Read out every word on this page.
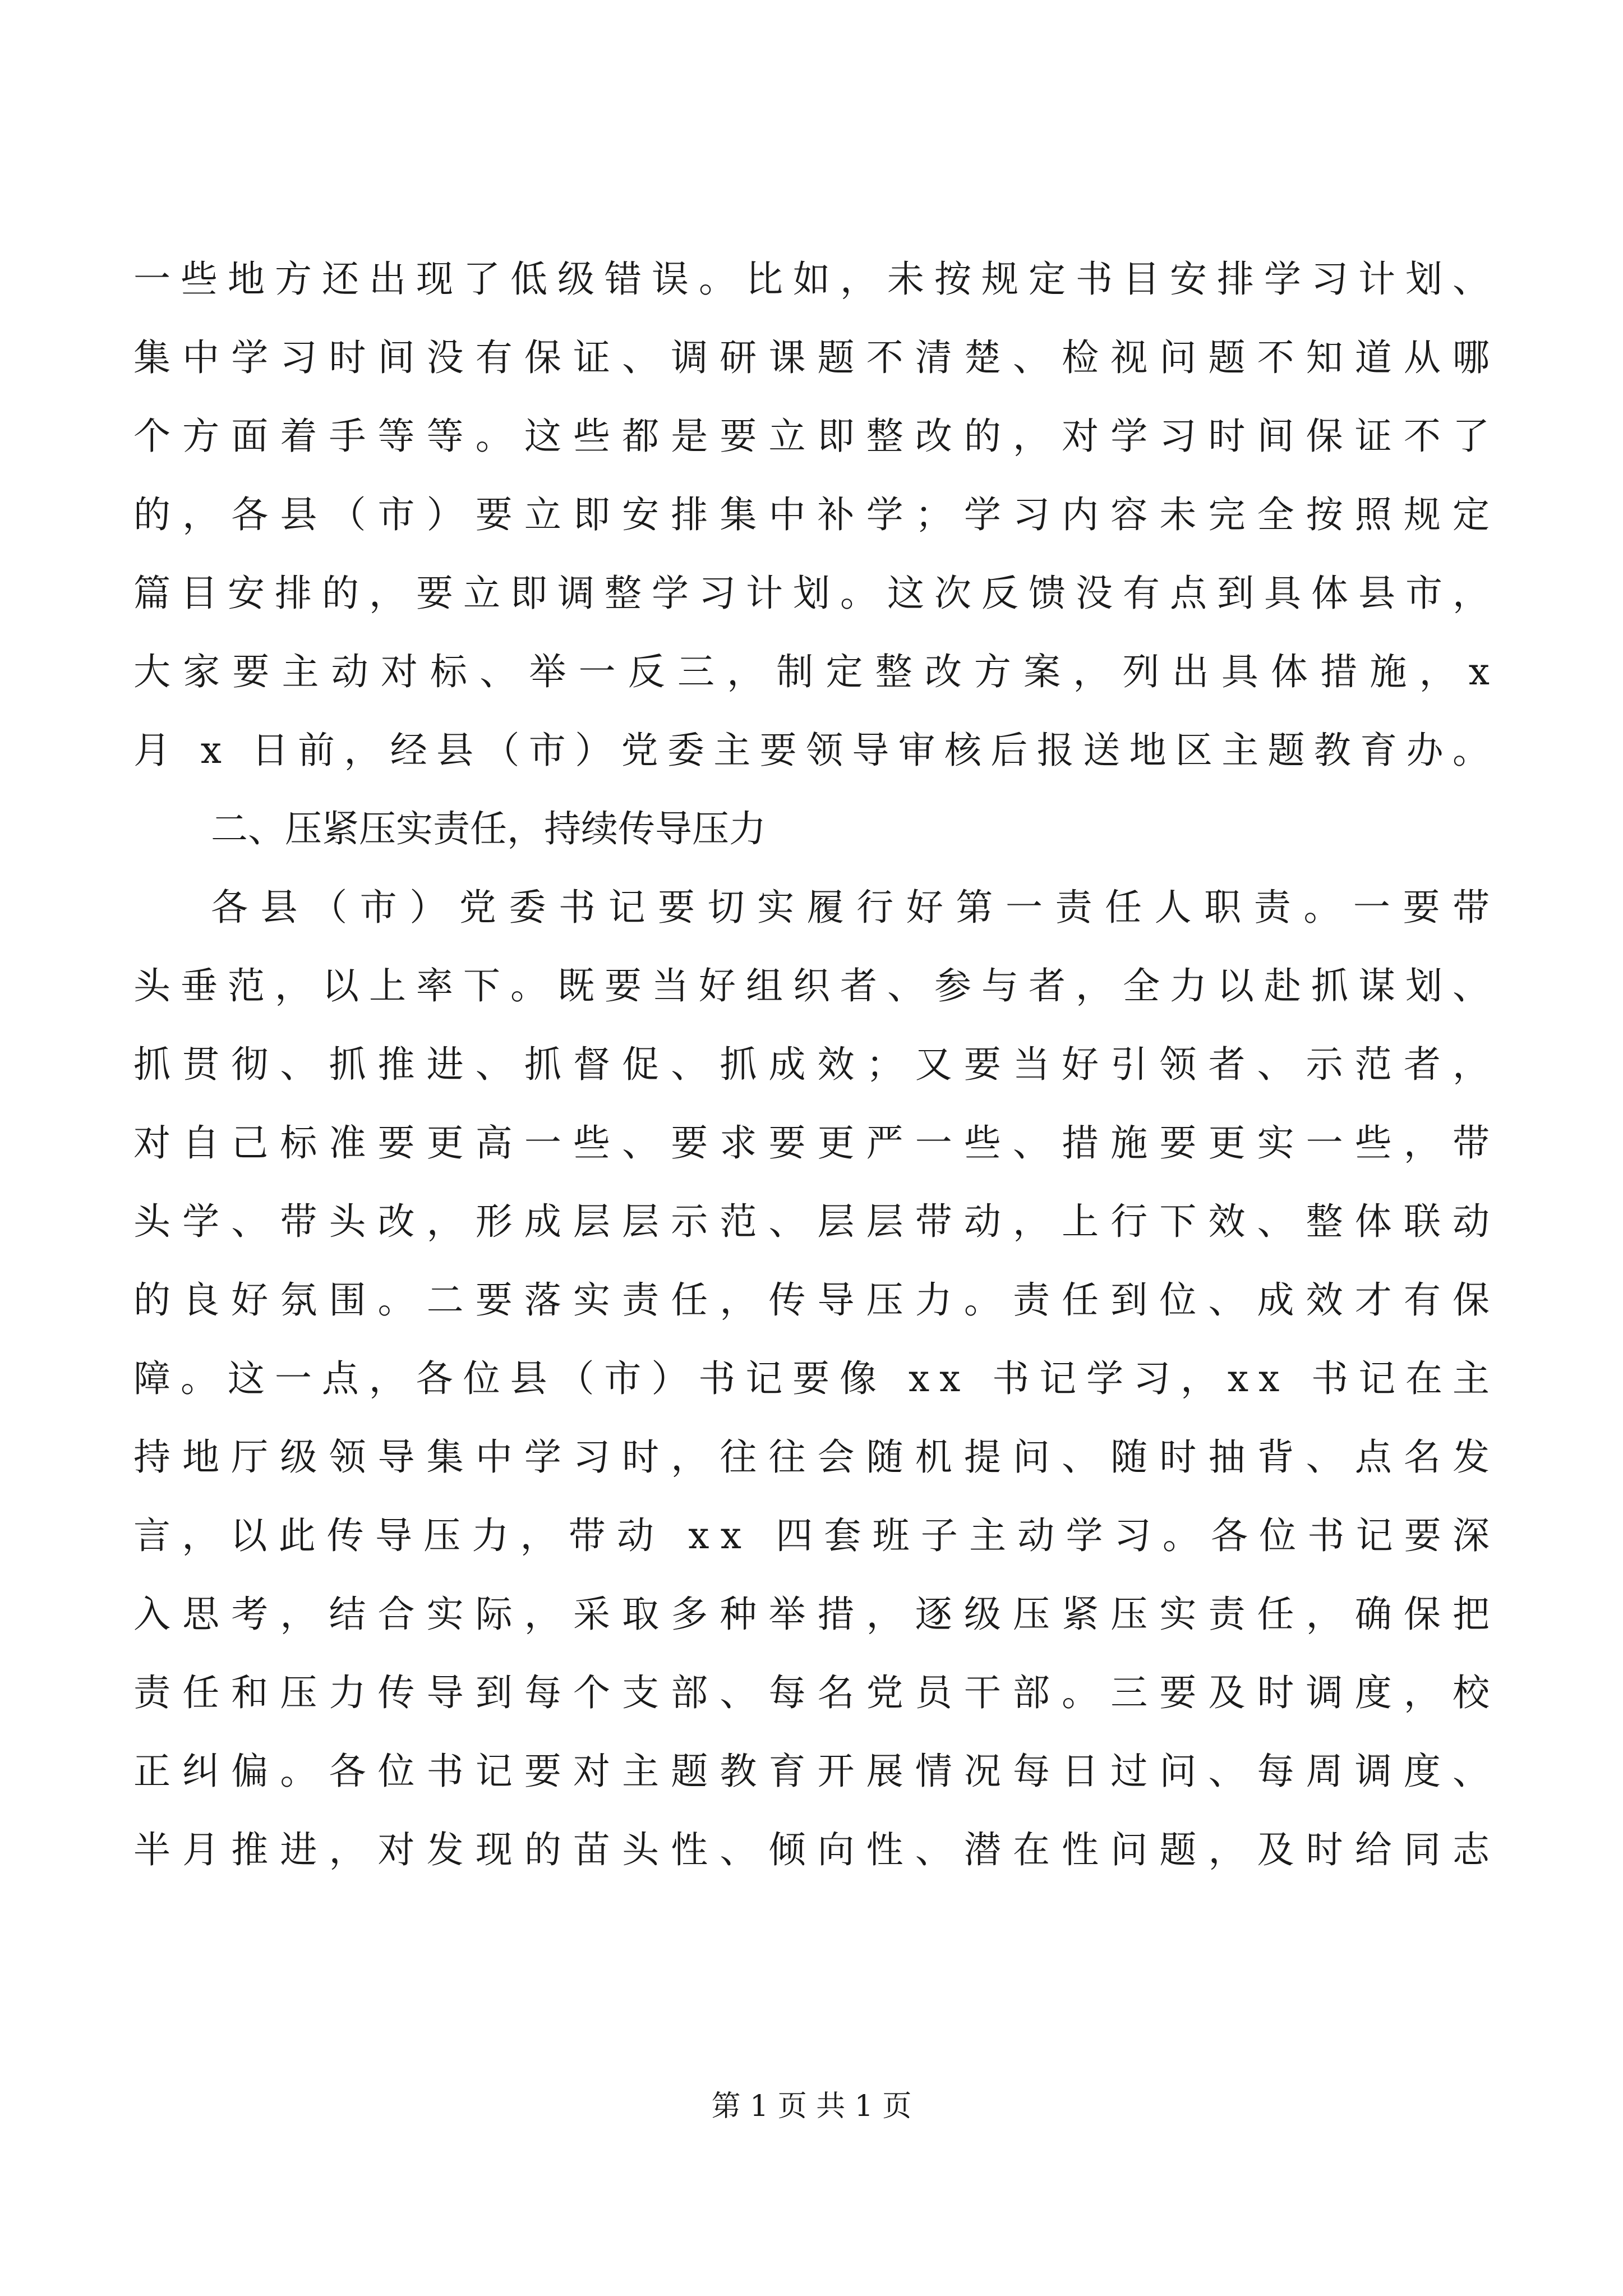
一些地方还出现了低级错误。比如，未按规定书目安排学习计划、
集中学习时间没有保证、调研课题不清楚、检视问题不知道从哪
个方面着手等等。这些都是要立即整改的，对学习时间保证不了
的，各县（市）要立即安排集中补学；学习内容未完全按照规定
篇目安排的，要立即调整学习计划。这次反馈没有点到具体县市，
大家要主动对标、举一反三，制定整改方案，列出具体措施，x
月 x 日前，经县（市）党委主要领导审核后报送地区主题教育办。
二、压紧压实责任，持续传导压力
各县（市）党委书记要切实履行好第一责任人职责。一要带
头垂范，以上率下。既要当好组织者、参与者，全力以赴抓谋划、
抓贯彻、抓推进、抓督促、抓成效；又要当好引领者、示范者，
对自己标准要更高一些、要求要更严一些、措施要更实一些，带
头学、带头改，形成层层示范、层层带动，上行下效、整体联动
的良好氛围。二要落实责任，传导压力。责任到位、成效才有保
障。这一点，各位县（市）书记要像 xx 书记学习，xx 书记在主
持地厅级领导集中学习时，往往会随机提问、随时抽背、点名发
言，以此传导压力，带动 xx 四套班子主动学习。各位书记要深
入思考，结合实际，采取多种举措，逐级压紧压实责任，确保把
责任和压力传导到每个支部、每名党员干部。三要及时调度，校
正纠偏。各位书记要对主题教育开展情况每日过问、每周调度、
半月推进，对发现的苗头性、倾向性、潜在性问题，及时给同志
第 1 页 共 1 页
